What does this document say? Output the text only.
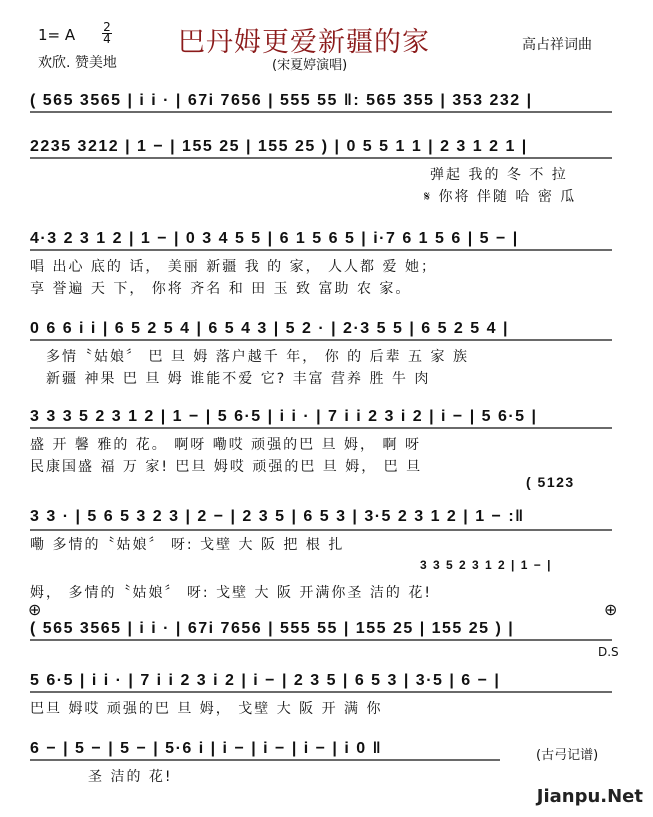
1= A 2
4
欢欣. 赞美地
巴丹姆更爱新疆的家	高占祥词曲
(宋夏婷演唱)
( 565 3565 | i i · | 67i 7656 | 555 55 ‖: 565 355 | 353 232 |
2235 3212 | 1 − | 155 25 | 155 25 ) | 0 5 5 1 1 | 2 3 1 2 1 |
弹起 我的 冬 不 拉
𝄋 你将 伴随 哈 密 瓜
4·3 2 3 1 2 | 1 − | 0 3 4 5 5 | 6 1 5 6 5 | i·7 6 1 5 6 | 5 − |
唱 出心 底的 话， 美丽 新疆 我 的 家， 人人都 爱 她；
享 誉遍 天 下， 你将 齐名 和 田 玉 致 富助 农 家。
0 6 6 i i | 6 5 2 5 4 | 6 5 4 3 | 5 2 · | 2·3 5 5 | 6 5 2 5 4 |
多情〝姑娘〞 巴 旦 姆 落户越千 年， 你 的 后辈 五 家 族
新疆 神果 巴 旦 姆 谁能不爱 它? 丰富 营养 胜 牛 肉
3 3 3 5 2 3 1 2 | 1 − | 5 6·5 | i i · | 7 i i 2 3 i 2 | i − | 5 6·5 |
盛 开 馨 雅的 花。 啊呀 嘞哎 顽强的巴 旦 姆， 啊 呀
民康国盛 福 万 家! 巴旦 姆哎 顽强的巴 旦 姆， 巴 旦
( 5123
3 3 · | 5 6 5 3 2 3 | 2 − | 2 3 5 | 6 5 3 | 3·5 2 3 1 2 | 1 − :‖
嘞 多情的〝姑娘〞 呀: 戈壁 大 阪 把 根 扎
3 3 5 2 3 1 2 | 1 − |
姆， 多情的〝姑娘〞 呀: 戈壁 大 阪 开满你圣 洁的 花!
⊕	⊕
( 565 3565 | i i · | 67i 7656 | 555 55 | 155 25 | 155 25 ) |
D.S
5 6·5 | i i · | 7 i i 2 3 i 2 | i − | 2 3 5 | 6 5 3 | 3·5 | 6 − |
巴旦 姆哎 顽强的巴 旦 姆， 戈壁 大 阪 开 满 你
6 − | 5 − | 5 − | 5·6 i | i − | i − | i − | i 0 ‖
圣 洁的 花!
(古弓记谱)
Jianpu.Net
